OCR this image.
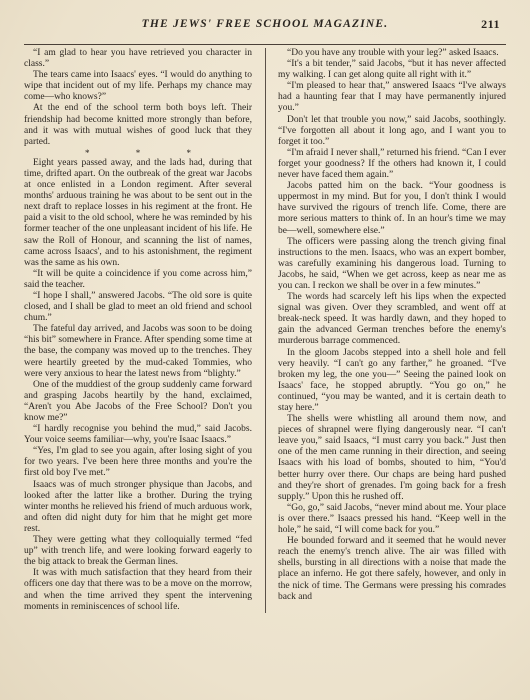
THE JEWS' FREE SCHOOL MAGAZINE.	211

“I am glad to hear you have retrieved you character in class.”

The tears came into Isaacs' eyes. “I would do anything to wipe that incident out of my life. Perhaps my chance may come—who knows?”

At the end of the school term both boys left. Their friendship had become knitted more strongly than before, and it was with mutual wishes of good luck that they parted.

* * *

Eight years passed away, and the lads had, during that time, drifted apart. On the outbreak of the great war Jacobs at once enlisted in a London regiment. After several months' arduous training he was about to be sent out in the next draft to replace losses in his regiment at the front. He paid a visit to the old school, where he was reminded by his former teacher of the one unpleasant incident of his life. He saw the Roll of Honour, and scanning the list of names, came across Isaacs', and to his astonishment, the regiment was the same as his own.

“It will be quite a coincidence if you come across him,” said the teacher.

“I hope I shall,” answered Jacobs. “The old sore is quite closed, and I shall be glad to meet an old friend and school chum.”

The fateful day arrived, and Jacobs was soon to be doing “his bit” somewhere in France. After spending some time at the base, the company was moved up to the trenches. They were heartily greeted by the mud-caked Tommies, who were very anxious to hear the latest news from “blighty.”

One of the muddiest of the group suddenly came forward and grasping Jacobs heartily by the hand, exclaimed, “Aren't you Abe Jacobs of the Free School? Don't you know me?”

“I hardly recognise you behind the mud,” said Jacobs. Your voice seems familiar—why, you're Isaac Isaacs.”

“Yes, I'm glad to see you again, after losing sight of you for two years. I've been here three months and you're the first old boy I've met.”

Isaacs was of much stronger physique than Jacobs, and looked after the latter like a brother. During the trying winter months he relieved his friend of much arduous work, and often did night duty for him that he might get more rest.

They were getting what they colloquially termed “fed up” with trench life, and were looking forward eagerly to the big attack to break the German lines.

It was with much satisfaction that they heard from their officers one day that there was to be a move on the morrow, and when the time arrived they spent the intervening moments in reminiscences of school life.

“Do you have any trouble with your leg?” asked Isaacs.

“It's a bit tender,” said Jacobs, “but it has never affected my walking. I can get along quite all right with it.”

“I'm pleased to hear that,” answered Isaacs “I've always had a haunting fear that I may have permanently injured you.”

Don't let that trouble you now,” said Jacobs, soothingly. “I've forgotten all about it long ago, and I want you to forget it too.”

“I'm afraid I never shall,” returned his friend. “Can I ever forget your goodness? If the others had known it, I could never have faced them again.”

Jacobs patted him on the back. “Your goodness is uppermost in my mind. But for you, I don't think I would have survived the rigours of trench life. Come, there are more serious matters to think of. In an hour's time we may be—well, somewhere else.”

The officers were passing along the trench giving final instructions to the men. Isaacs, who was an expert bomber, was carefully examining his dangerous load. Turning to Jacobs, he said, “When we get across, keep as near me as you can. I reckon we shall be over in a few minutes.”

The words had scarcely left his lips when the expected signal was given. Over they scrambled, and went off at break-neck speed. It was hardly dawn, and they hoped to gain the advanced German trenches before the enemy's murderous barrage commenced.

In the gloom Jacobs stepped into a shell hole and fell very heavily. “I can't go any farther,” he groaned. “I've broken my leg, the one you—” Seeing the pained look on Isaacs' face, he stopped abruptly. “You go on,” he continued, “you may be wanted, and it is certain death to stay here.”

The shells were whistling all around them now, and pieces of shrapnel were flying dangerously near. “I can't leave you,” said Isaacs, “I must carry you back.” Just then one of the men came running in their direction, and seeing Isaacs with his load of bombs, shouted to him, “You'd better hurry over there. Our chaps are being hard pushed and they're short of grenades. I'm going back for a fresh supply.” Upon this he rushed off.

“Go, go,” said Jacobs, “never mind about me. Your place is over there.” Isaacs pressed his hand. “Keep well in the hole,” he said, “I will come back for you.”

He bounded forward and it seemed that he would never reach the enemy's trench alive. The air was filled with shells, bursting in all directions with a noise that made the place an inferno. He got there safely, however, and only in the nick of time. The Germans were pressing his comrades back and
